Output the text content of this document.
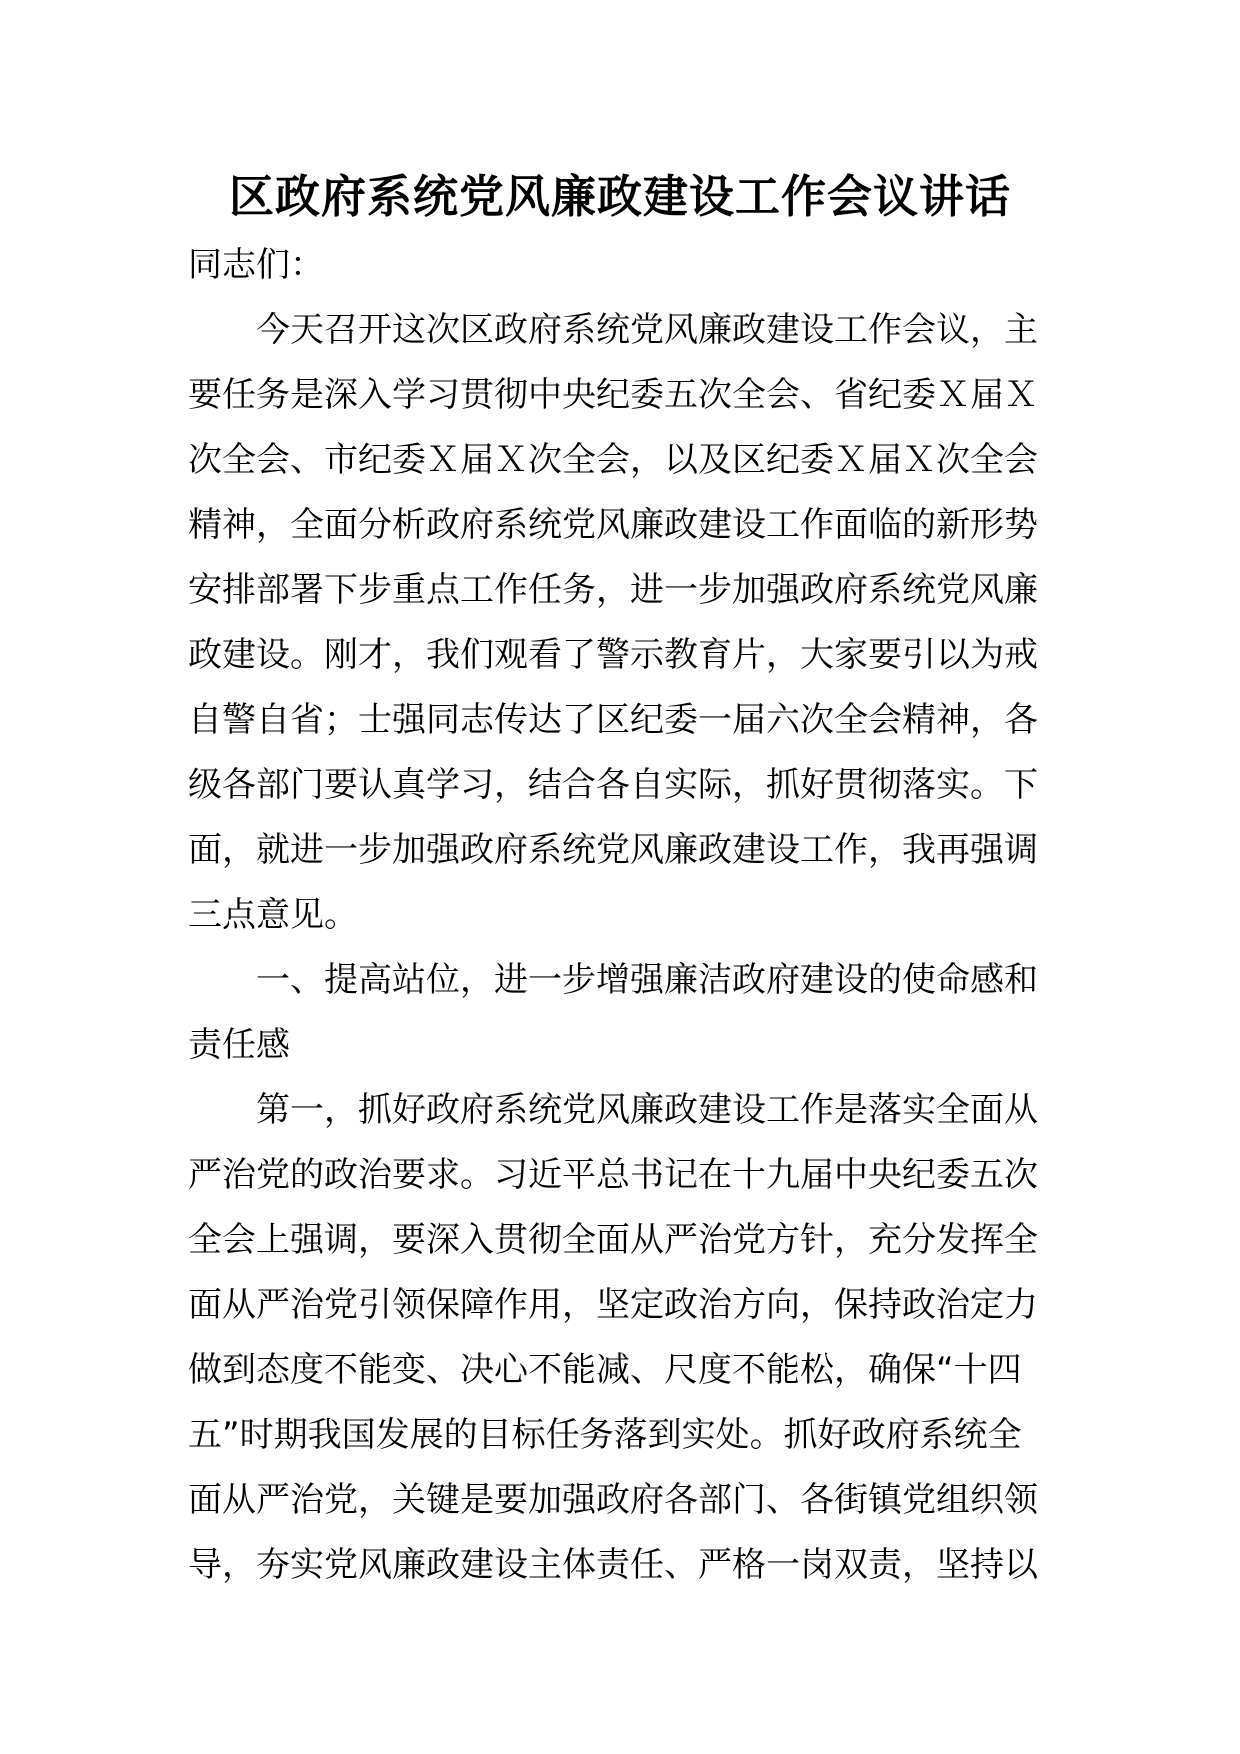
区政府系统党风廉政建设工作会议讲话
同志们：
今天召开这次区政府系统党风廉政建设工作会议，主
要任务是深入学习贯彻中央纪委五次全会、省纪委Ｘ届Ｘ
次全会、市纪委Ｘ届Ｘ次全会，以及区纪委Ｘ届Ｘ次全会
精神，全面分析政府系统党风廉政建设工作面临的新形势
安排部署下步重点工作任务，进一步加强政府系统党风廉
政建设。刚才，我们观看了警示教育片，大家要引以为戒
自警自省；士强同志传达了区纪委一届六次全会精神，各
级各部门要认真学习，结合各自实际，抓好贯彻落实。下
面，就进一步加强政府系统党风廉政建设工作，我再强调
三点意见。
一、提高站位，进一步增强廉洁政府建设的使命感和
责任感
第一，抓好政府系统党风廉政建设工作是落实全面从
严治党的政治要求。习近平总书记在十九届中央纪委五次
全会上强调，要深入贯彻全面从严治党方针，充分发挥全
面从严治党引领保障作用，坚定政治方向，保持政治定力
做到态度不能变、决心不能减、尺度不能松，确保“十四
五”时期我国发展的目标任务落到实处。抓好政府系统全
面从严治党，关键是要加强政府各部门、各街镇党组织领
导，夯实党风廉政建设主体责任、严格一岗双责，坚持以
